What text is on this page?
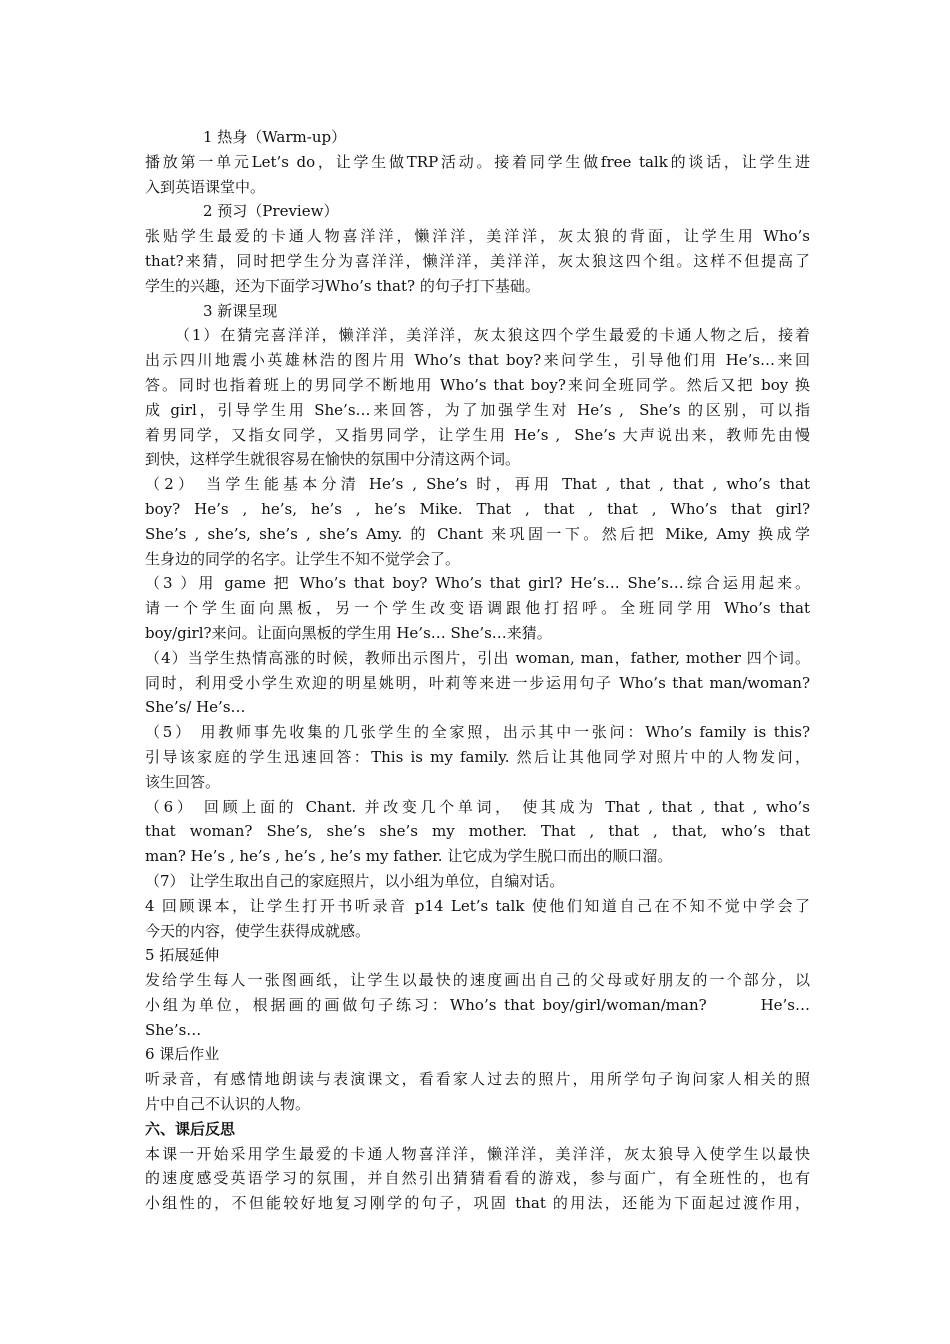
1 热身（Warm-up）
播放第一单元Let’s do，让学生做TRP活动。接着同学生做free talk的谈话，让学生进
入到英语课堂中。
2 预习（Preview）
张贴学生最爱的卡通人物喜洋洋，懒洋洋，美洋洋，灰太狼的背面，让学生用 Who’s
that?来猜，同时把学生分为喜洋洋，懒洋洋，美洋洋，灰太狼这四个组。这样不但提高了
学生的兴趣，还为下面学习Who’s that? 的句子打下基础。
3 新课呈现
（1）在猜完喜洋洋，懒洋洋，美洋洋，灰太狼这四个学生最爱的卡通人物之后，接着
出示四川地震小英雄林浩的图片用 Who’s that boy?来问学生，引导他们用 He’s…来回
答。同时也指着班上的男同学不断地用 Who’s that boy?来问全班同学。然后又把 boy 换
成 girl，引导学生用 She’s…来回答，为了加强学生对 He’s ,  She’s 的区别，可以指
着男同学，又指女同学，又指男同学，让学生用 He’s ,  She’s 大声说出来，教师先由慢
到快，这样学生就很容易在愉快的氛围中分清这两个词。
（2） 当学生能基本分清 He’s , She’s 时，再用 That , that , that , who’s that
boy? He’s , he’s, he’s , he’s Mike. That , that , that , Who’s that girl?
She’s , she’s, she’s , she’s Amy. 的 Chant 来巩固一下。然后把 Mike, Amy 换成学
生身边的同学的名字。让学生不知不觉学会了。
（3 ）用 game 把 Who’s that boy? Who’s that girl? He’s… She’s…综合运用起来。
请一个学生面向黑板，另一个学生改变语调跟他打招呼。全班同学用 Who’s that
boy/girl?来问。让面向黑板的学生用 He’s… She’s…来猜。
（4）当学生热情高涨的时候，教师出示图片，引出 woman, man，father, mother 四个词。
同时，利用受小学生欢迎的明星姚明，叶莉等来进一步运用句子 Who’s that man/woman?
She’s/ He’s…
（5） 用教师事先收集的几张学生的全家照，出示其中一张问：Who’s family is this?
引导该家庭的学生迅速回答：This is my family. 然后让其他同学对照片中的人物发问，
该生回答。
（6） 回顾上面的 Chant. 并改变几个单词， 使其成为 That , that , that , who’s
that woman? She’s, she’s she’s my mother. That , that , that, who’s that
man? He’s , he’s , he’s , he’s my father. 让它成为学生脱口而出的顺口溜。
（7） 让学生取出自己的家庭照片，以小组为单位，自编对话。
4 回顾课本，让学生打开书听录音 p14 Let’s talk 使他们知道自己在不知不觉中学会了
今天的内容，使学生获得成就感。
5 拓展延伸
发给学生每人一张图画纸，让学生以最快的速度画出自己的父母或好朋友的一个部分，以
小组为单位，根据画的画做句子练习：Who’s that boy/girl/woman/man?       He’s…
She’s…
6 课后作业
听录音，有感情地朗读与表演课文，看看家人过去的照片，用所学句子询问家人相关的照
片中自己不认识的人物。
六、课后反思
本课一开始采用学生最爱的卡通人物喜洋洋，懒洋洋，美洋洋，灰太狼导入使学生以最快
的速度感受英语学习的氛围，并自然引出猜猜看看的游戏，参与面广，有全班性的，也有
小组性的，不但能较好地复习刚学的句子，巩固 that 的用法，还能为下面起过渡作用，
